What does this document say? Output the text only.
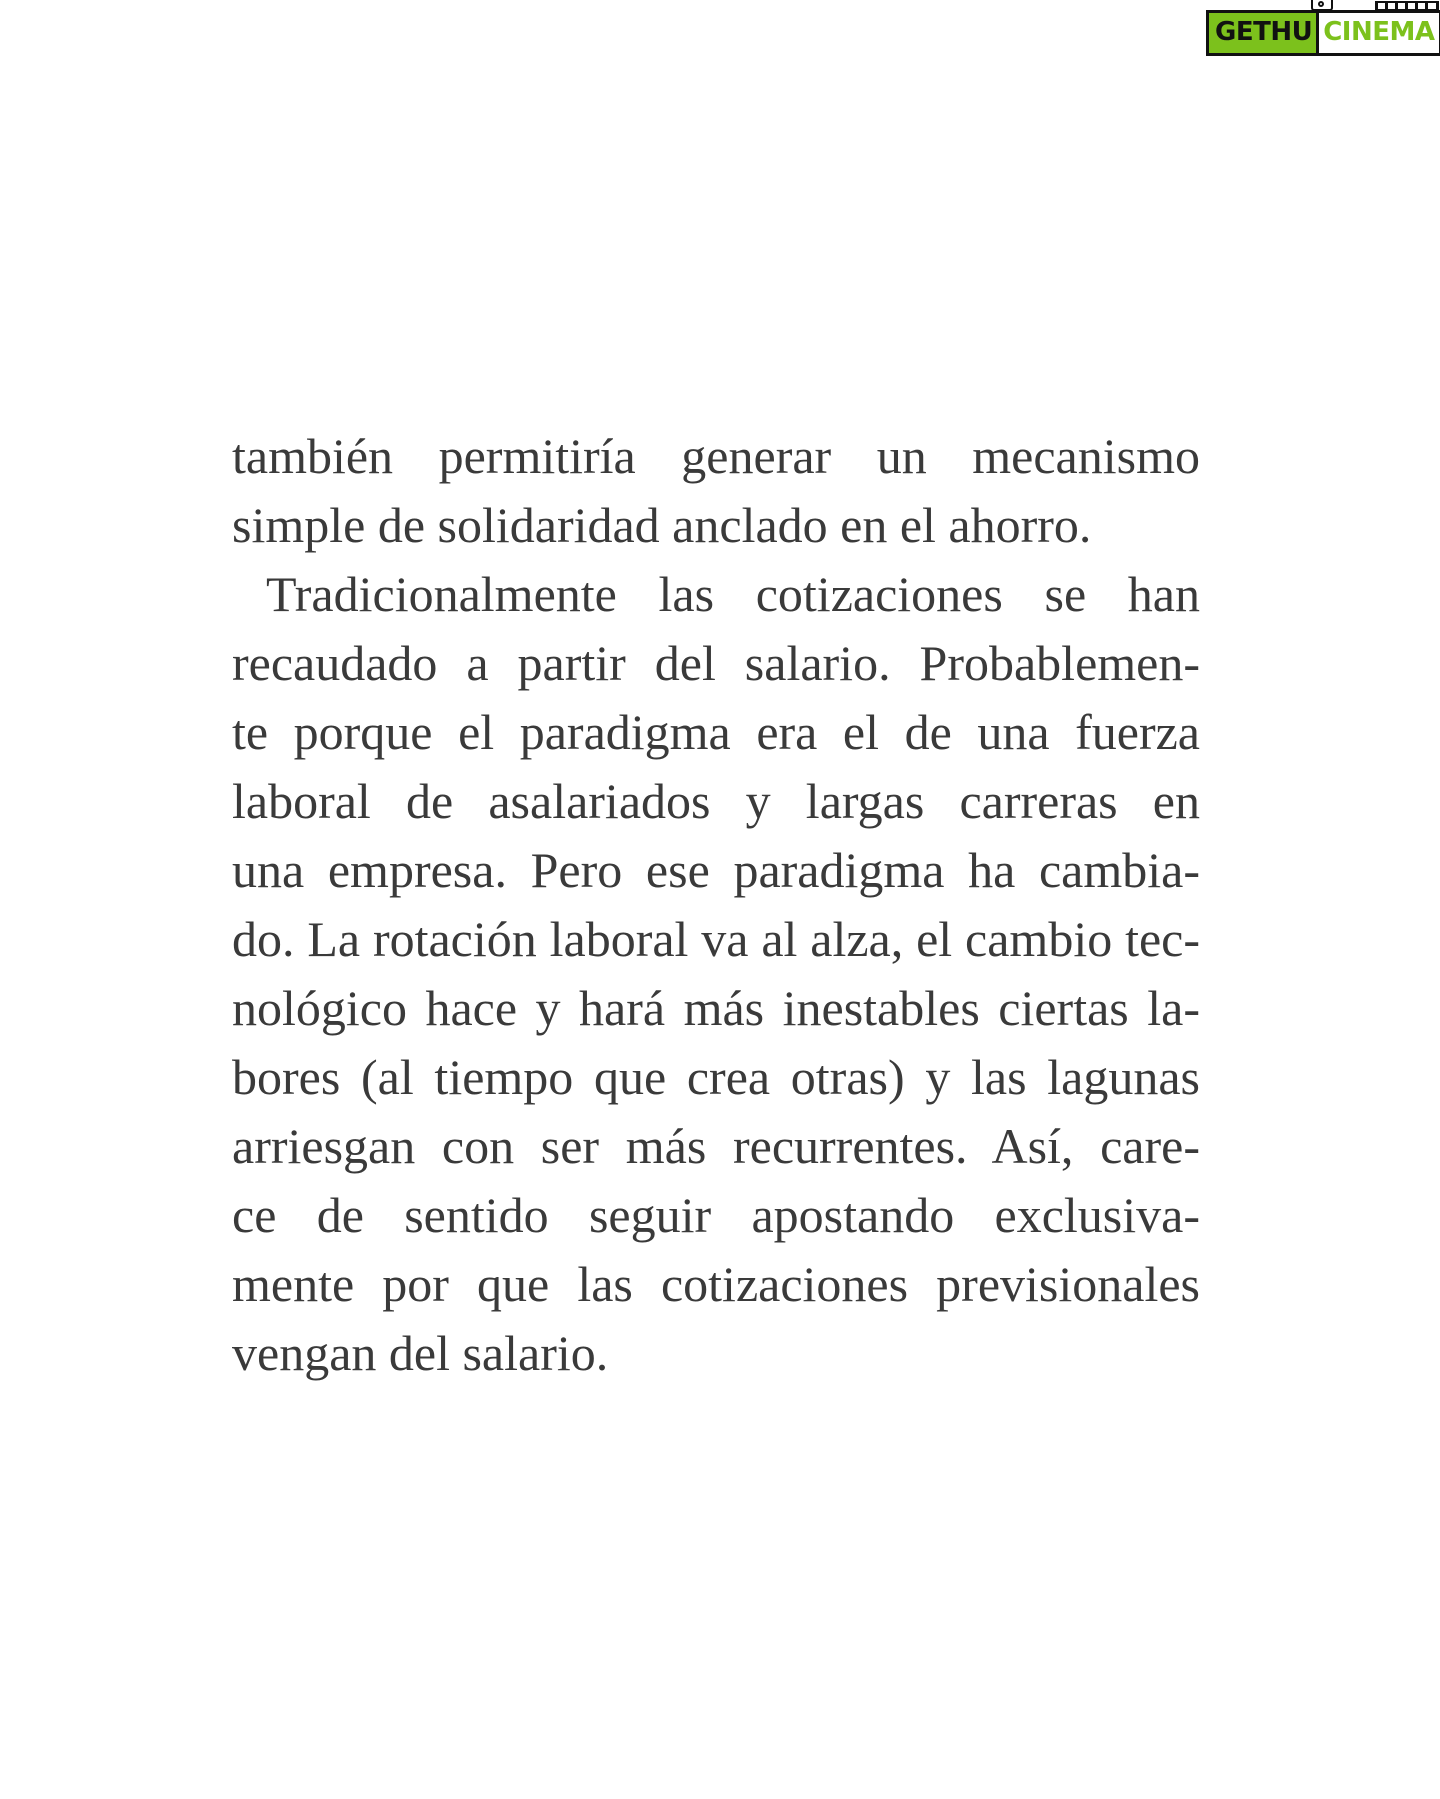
GETHU CINEMA
también permitiría generar un mecanismo
simple de solidaridad anclado en el ahorro.
Tradicionalmente las cotizaciones se han
recaudado a partir del salario. Probablemen-
te porque el paradigma era el de una fuerza
laboral de asalariados y largas carreras en
una empresa. Pero ese paradigma ha cambia-
do. La rotación laboral va al alza, el cambio tec-
nológico hace y hará más inestables ciertas la-
bores (al tiempo que crea otras) y las lagunas
arriesgan con ser más recurrentes. Así, care-
ce de sentido seguir apostando exclusiva-
mente por que las cotizaciones previsionales
vengan del salario.
